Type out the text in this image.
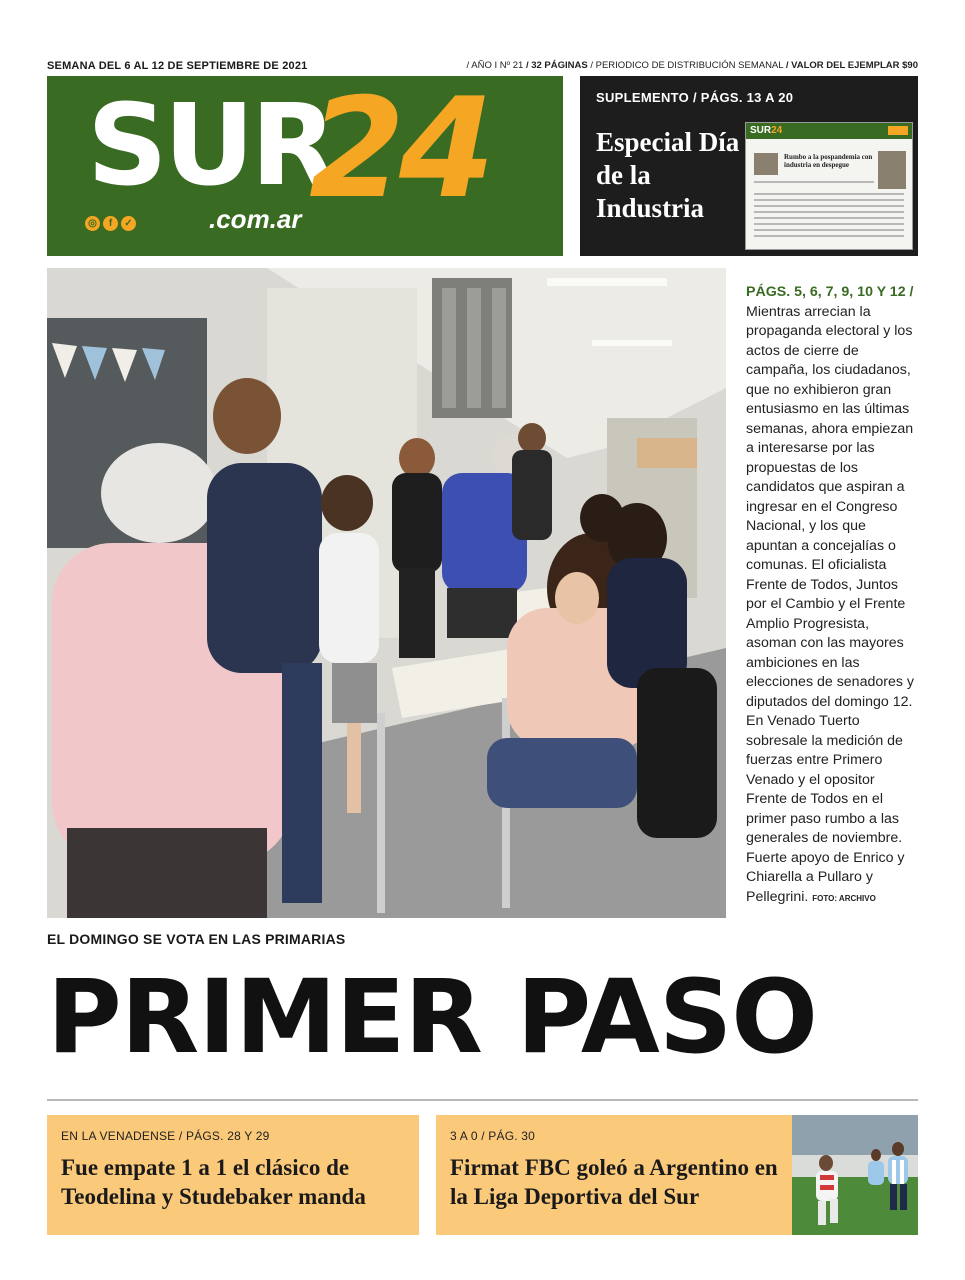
SEMANA DEL 6 AL 12 DE SEPTIEMBRE DE 2021	/ AÑO I Nº 21 / 32 PÁGINAS / PERIODICO DE DISTRIBUCIÓN SEMANAL / VALOR DEL EJEMPLAR $90
SUR
24
.com.ar
◎	f	✓
SUPLEMENTO / PÁGS. 13 A 20
Especial Día de la Industria
SUR24
Rumbo a la pospandemia con industria en despegue
PÁGS. 5, 6, 7, 9, 10 Y 12 / Mientras arrecian la propaganda electoral y los actos de cierre de campaña, los ciudadanos, que no exhibieron gran entusiasmo en las últimas semanas, ahora empiezan a interesarse por las propuestas de los candidatos que aspiran a ingresar en el Congreso Nacional, y los que apuntan a concejalías o comunas. El oficialista Frente de Todos, Juntos por el Cambio y el Frente Amplio Progresista, asoman con las mayores ambiciones en las elecciones de senadores y diputados del domingo 12. En Venado Tuerto sobresale la medición de fuerzas entre Primero Venado y el opositor Frente de Todos en el primer paso rumbo a las generales de noviembre. Fuerte apoyo de Enrico y Chiarella a Pullaro y Pellegrini. FOTO: ARCHIVO
EL DOMINGO SE VOTA EN LAS PRIMARIAS
PRIMER PASO
EN LA VENADENSE / PÁGS. 28 Y 29
Fue empate 1 a 1 el clásico de Teodelina y Studebaker manda
3 A 0 / PÁG. 30
Firmat FBC goleó a Argentino en la Liga Deportiva del Sur
